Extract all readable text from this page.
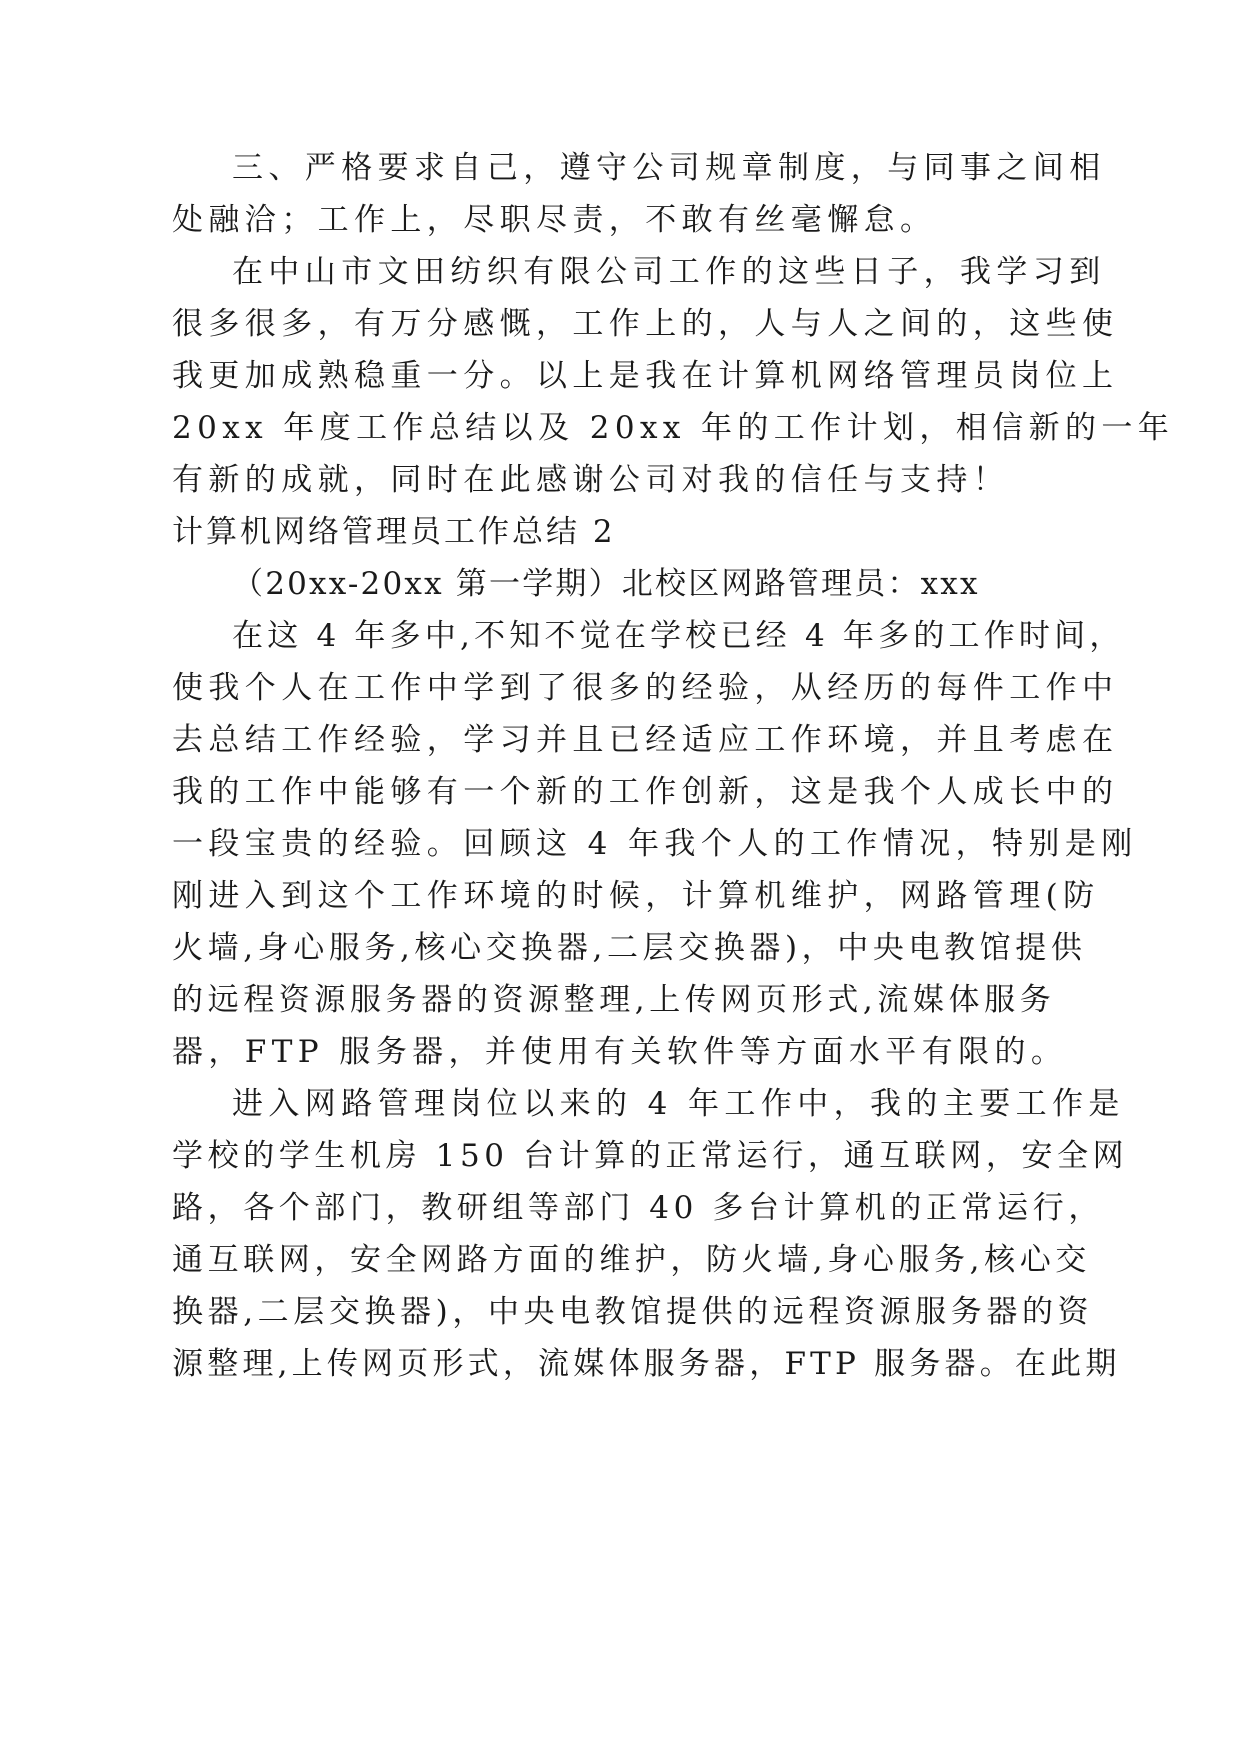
三、严格要求自己，遵守公司规章制度，与同事之间相
处融洽；工作上，尽职尽责，不敢有丝毫懈怠。
在中山市文田纺织有限公司工作的这些日子，我学习到
很多很多，有万分感慨，工作上的，人与人之间的，这些使
我更加成熟稳重一分。以上是我在计算机网络管理员岗位上
20xx 年度工作总结以及 20xx 年的工作计划，相信新的一年
有新的成就，同时在此感谢公司对我的信任与支持！
计算机网络管理员工作总结 2
（20xx-20xx 第一学期）北校区网路管理员：xxx
在这 4 年多中,不知不觉在学校已经 4 年多的工作时间，
使我个人在工作中学到了很多的经验，从经历的每件工作中
去总结工作经验，学习并且已经适应工作环境，并且考虑在
我的工作中能够有一个新的工作创新，这是我个人成长中的
一段宝贵的经验。回顾这 4 年我个人的工作情况，特别是刚
刚进入到这个工作环境的时候，计算机维护，网路管理(防
火墙,身心服务,核心交换器,二层交换器)，中央电教馆提供
的远程资源服务器的资源整理,上传网页形式,流媒体服务
器，FTP 服务器，并使用有关软件等方面水平有限的。
进入网路管理岗位以来的 4 年工作中，我的主要工作是
学校的学生机房 150 台计算的正常运行，通互联网，安全网
路，各个部门，教研组等部门 40 多台计算机的正常运行，
通互联网，安全网路方面的维护，防火墙,身心服务,核心交
换器,二层交换器)，中央电教馆提供的远程资源服务器的资
源整理,上传网页形式，流媒体服务器，FTP 服务器。在此期
